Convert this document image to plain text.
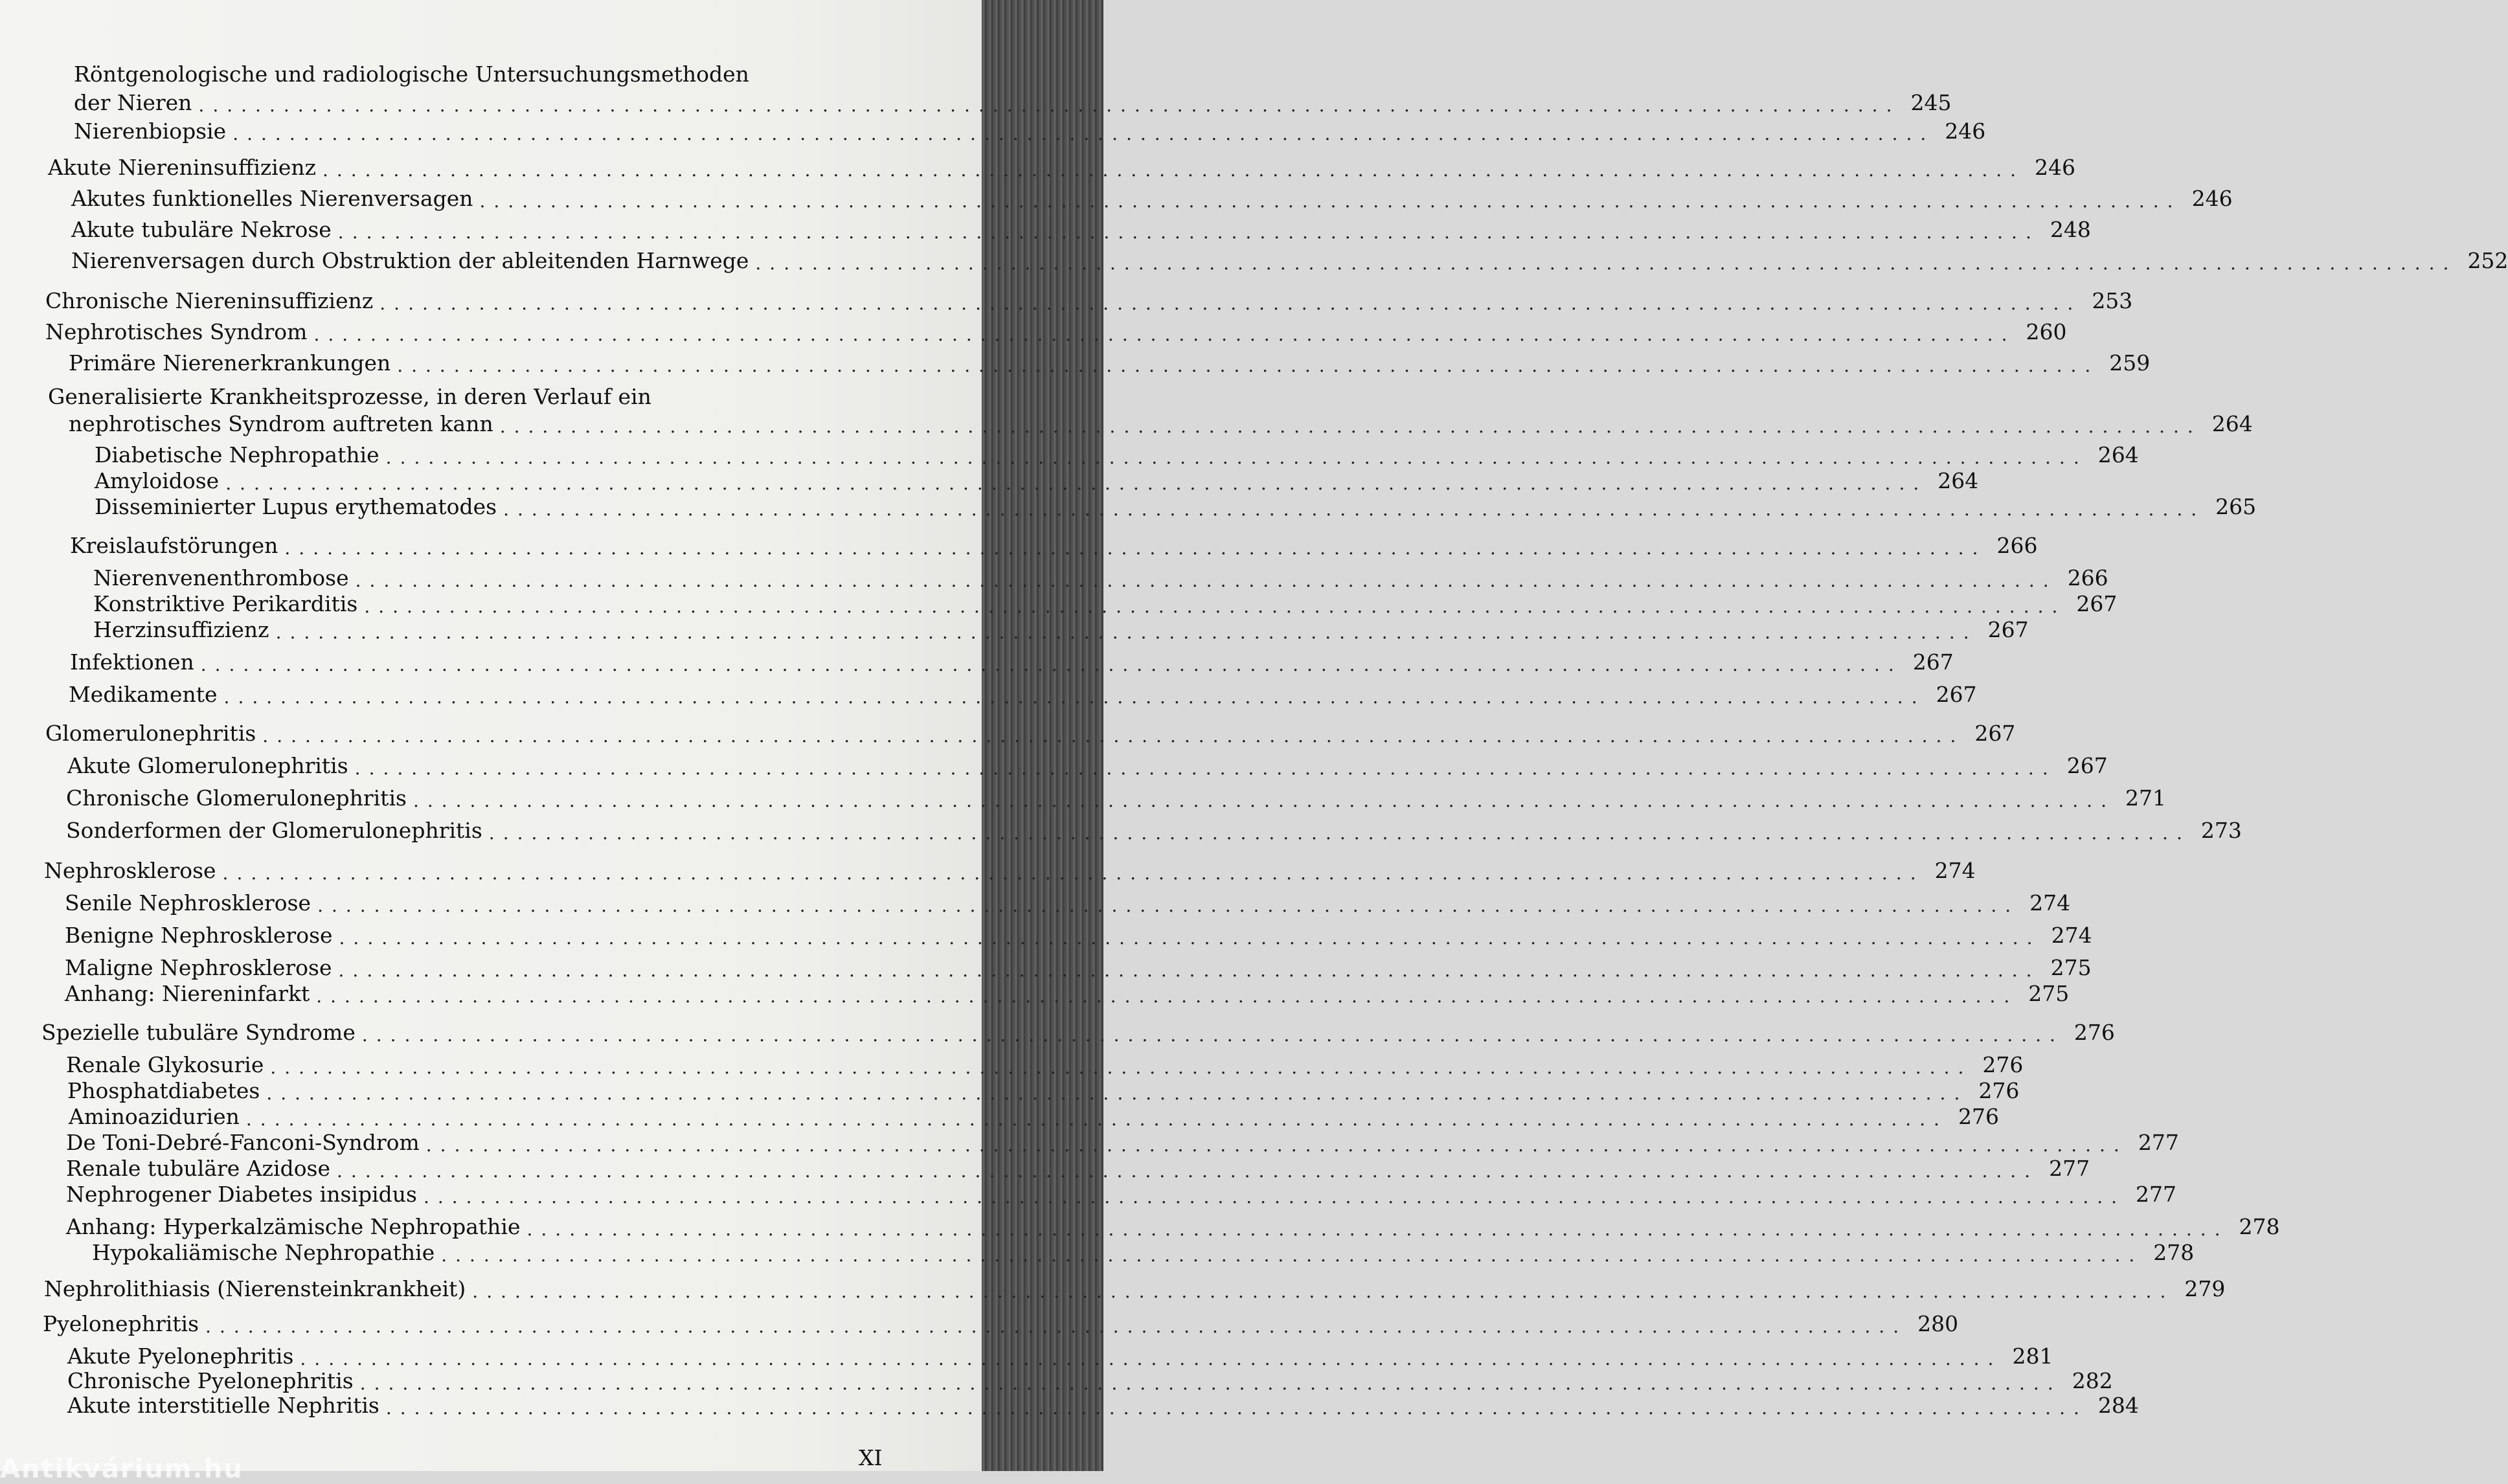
Röntgenologische und radiologische Untersuchungsmethoden
Generalisierte Krankheitsprozesse, in deren Verlauf ein
der Nieren ........................................................................................................................ 245
Nierenbiopsie ........................................................................................................................ 246
Akute Niereninsuffizienz ........................................................................................................................ 246
Akutes funktionelles Nierenversagen ........................................................................................................................ 246
Akute tubuläre Nekrose ........................................................................................................................ 248
Nierenversagen durch Obstruktion der ableitenden Harnwege ........................................................................................................................ 252
Chronische Niereninsuffizienz ........................................................................................................................ 253
Nephrotisches Syndrom ........................................................................................................................ 260
Primäre Nierenerkrankungen ........................................................................................................................ 259
nephrotisches Syndrom auftreten kann ........................................................................................................................ 264
Diabetische Nephropathie ........................................................................................................................ 264
Amyloidose ........................................................................................................................ 264
Disseminierter Lupus erythematodes ........................................................................................................................ 265
Kreislaufstörungen ........................................................................................................................ 266
Nierenvenenthrombose ........................................................................................................................ 266
Konstriktive Perikarditis ........................................................................................................................ 267
Herzinsuffizienz ........................................................................................................................ 267
Infektionen ........................................................................................................................ 267
Medikamente ........................................................................................................................ 267
Glomerulonephritis ........................................................................................................................ 267
Akute Glomerulonephritis ........................................................................................................................ 267
Chronische Glomerulonephritis ........................................................................................................................ 271
Sonderformen der Glomerulonephritis ........................................................................................................................ 273
Nephrosklerose ........................................................................................................................ 274
Senile Nephrosklerose ........................................................................................................................ 274
Benigne Nephrosklerose ........................................................................................................................ 274
Maligne Nephrosklerose ........................................................................................................................ 275
Anhang: Niereninfarkt ........................................................................................................................ 275
Spezielle tubuläre Syndrome ........................................................................................................................ 276
Renale Glykosurie ........................................................................................................................ 276
Phosphatdiabetes ........................................................................................................................ 276
Aminoazidurien ........................................................................................................................ 276
De Toni-Debré-Fanconi-Syndrom ........................................................................................................................ 277
Renale tubuläre Azidose ........................................................................................................................ 277
Nephrogener Diabetes insipidus ........................................................................................................................ 277
Anhang: Hyperkalzämische Nephropathie ........................................................................................................................ 278
Hypokaliämische Nephropathie ........................................................................................................................ 278
Nephrolithiasis (Nierensteinkrankheit) ........................................................................................................................ 279
Pyelonephritis ........................................................................................................................ 280
Akute Pyelonephritis ........................................................................................................................ 281
Chronische Pyelonephritis ........................................................................................................................ 282
Akute interstitielle Nephritis ........................................................................................................................ 284
XI
Antikvárium.hu
